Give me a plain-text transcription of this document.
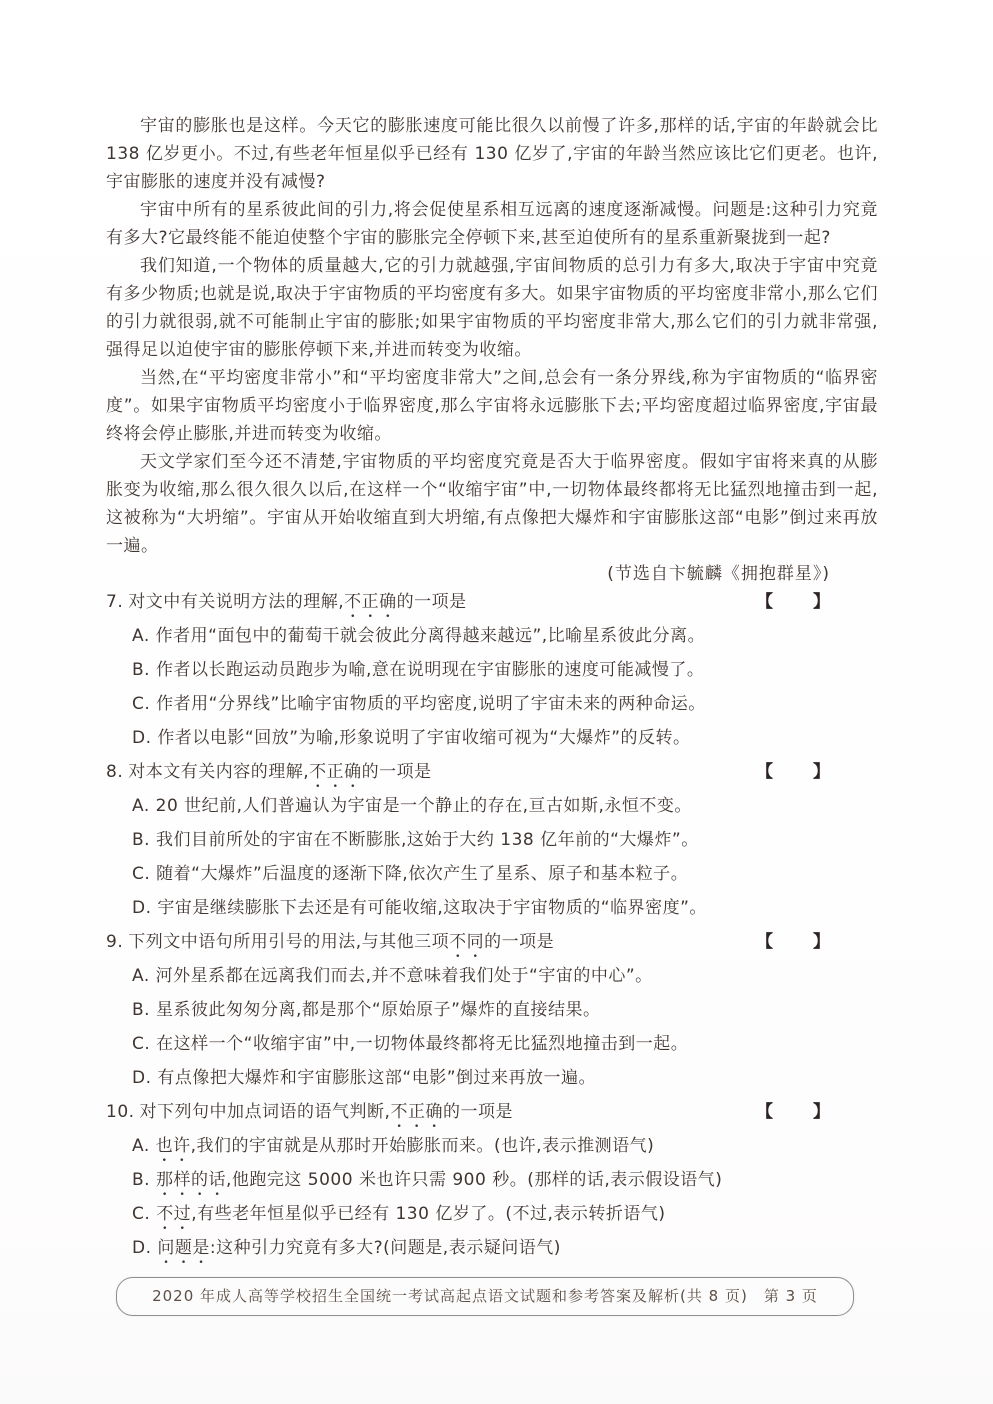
宇宙的膨胀也是这样。今天它的膨胀速度可能比很久以前慢了许多,那样的话,宇宙的年龄就会比 138 亿岁更小。不过,有些老年恒星似乎已经有 130 亿岁了,宇宙的年龄当然应该比它们更老。也许,宇宙膨胀的速度并没有减慢?

宇宙中所有的星系彼此间的引力,将会促使星系相互远离的速度逐渐减慢。问题是:这种引力究竟有多大?它最终能不能迫使整个宇宙的膨胀完全停顿下来,甚至迫使所有的星系重新聚拢到一起?

我们知道,一个物体的质量越大,它的引力就越强,宇宙间物质的总引力有多大,取决于宇宙中究竟有多少物质;也就是说,取决于宇宙物质的平均密度有多大。如果宇宙物质的平均密度非常小,那么它们的引力就很弱,就不可能制止宇宙的膨胀;如果宇宙物质的平均密度非常大,那么它们的引力就非常强,强得足以迫使宇宙的膨胀停顿下来,并进而转变为收缩。

当然,在“平均密度非常小”和“平均密度非常大”之间,总会有一条分界线,称为宇宙物质的“临界密度”。如果宇宙物质平均密度小于临界密度,那么宇宙将永远膨胀下去;平均密度超过临界密度,宇宙最终将会停止膨胀,并进而转变为收缩。

天文学家们至今还不清楚,宇宙物质的平均密度究竟是否大于临界密度。假如宇宙将来真的从膨胀变为收缩,那么很久很久以后,在这样一个“收缩宇宙”中,一切物体最终都将无比猛烈地撞击到一起,这被称为“大坍缩”。宇宙从开始收缩直到大坍缩,有点像把大爆炸和宇宙膨胀这部“电影”倒过来再放一遍。

(节选自卞毓麟《拥抱群星》)
7. 对文中有关说明方法的理解,不正确的一项是	【　　】
A. 作者用“面包中的葡萄干就会彼此分离得越来越远”,比喻星系彼此分离。
B. 作者以长跑运动员跑步为喻,意在说明现在宇宙膨胀的速度可能减慢了。
C. 作者用“分界线”比喻宇宙物质的平均密度,说明了宇宙未来的两种命运。
D. 作者以电影“回放”为喻,形象说明了宇宙收缩可视为“大爆炸”的反转。
8. 对本文有关内容的理解,不正确的一项是	【　　】
A. 20 世纪前,人们普遍认为宇宙是一个静止的存在,亘古如斯,永恒不变。
B. 我们目前所处的宇宙在不断膨胀,这始于大约 138 亿年前的“大爆炸”。
C. 随着“大爆炸”后温度的逐渐下降,依次产生了星系、原子和基本粒子。
D. 宇宙是继续膨胀下去还是有可能收缩,这取决于宇宙物质的“临界密度”。
9. 下列文中语句所用引号的用法,与其他三项不同的一项是	【　　】
A. 河外星系都在远离我们而去,并不意味着我们处于“宇宙的中心”。
B. 星系彼此匆匆分离,都是那个“原始原子”爆炸的直接结果。
C. 在这样一个“收缩宇宙”中,一切物体最终都将无比猛烈地撞击到一起。
D. 有点像把大爆炸和宇宙膨胀这部“电影”倒过来再放一遍。
10. 对下列句中加点词语的语气判断,不正确的一项是	【　　】
A. 也许,我们的宇宙就是从那时开始膨胀而来。(也许,表示推测语气)
B. 那样的话,他跑完这 5000 米也许只需 900 秒。(那样的话,表示假设语气)
C. 不过,有些老年恒星似乎已经有 130 亿岁了。(不过,表示转折语气)
D. 问题是:这种引力究竟有多大?(问题是,表示疑问语气)
2020 年成人高等学校招生全国统一考试高起点语文试题和参考答案及解析(共 8 页)　第 3 页
